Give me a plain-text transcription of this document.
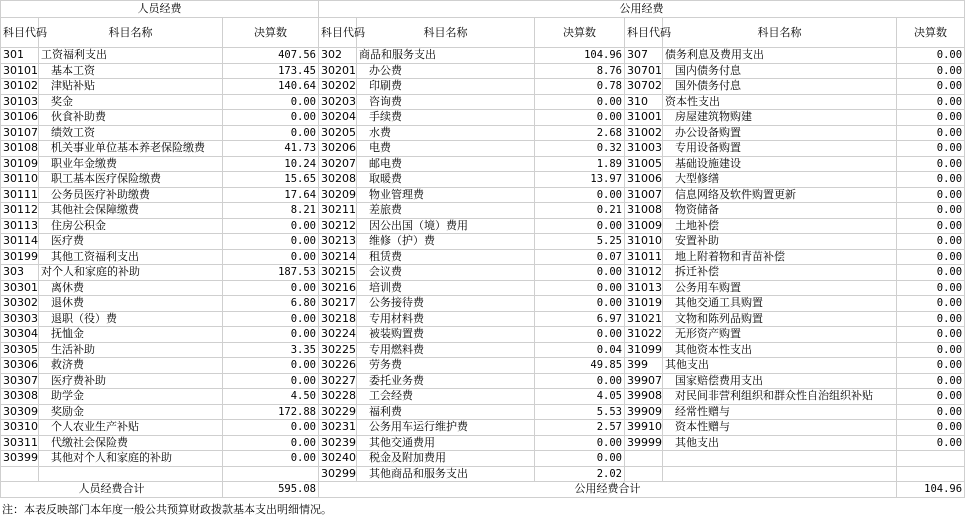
人员经费			公用经费					
科目代码	科目名称	决算数	科目代码	科目名称	决算数	科目代码	科目名称	决算数
301	工资福利支出	407.56	302	商品和服务支出	104.96	307	债务利息及费用支出	0.00
30101	基本工资	173.45	30201	办公费	8.76	30701	国内债务付息	0.00
30102	津贴补贴	140.64	30202	印刷费	0.78	30702	国外债务付息	0.00
30103	奖金	0.00	30203	咨询费	0.00	310	资本性支出	0.00
30106	伙食补助费	0.00	30204	手续费	0.00	31001	房屋建筑物购建	0.00
30107	绩效工资	0.00	30205	水费	2.68	31002	办公设备购置	0.00
30108	机关事业单位基本养老保险缴费	41.73	30206	电费	0.32	31003	专用设备购置	0.00
30109	职业年金缴费	10.24	30207	邮电费	1.89	31005	基础设施建设	0.00
30110	职工基本医疗保险缴费	15.65	30208	取暖费	13.97	31006	大型修缮	0.00
30111	公务员医疗补助缴费	17.64	30209	物业管理费	0.00	31007	信息网络及软件购置更新	0.00
30112	其他社会保障缴费	8.21	30211	差旅费	0.21	31008	物资储备	0.00
30113	住房公积金	0.00	30212	因公出国（境）费用	0.00	31009	土地补偿	0.00
30114	医疗费	0.00	30213	维修（护）费	5.25	31010	安置补助	0.00
30199	其他工资福利支出	0.00	30214	租赁费	0.07	31011	地上附着物和青苗补偿	0.00
303	对个人和家庭的补助	187.53	30215	会议费	0.00	31012	拆迁补偿	0.00
30301	离休费	0.00	30216	培训费	0.00	31013	公务用车购置	0.00
30302	退休费	6.80	30217	公务接待费	0.00	31019	其他交通工具购置	0.00
30303	退职（役）费	0.00	30218	专用材料费	6.97	31021	文物和陈列品购置	0.00
30304	抚恤金	0.00	30224	被装购置费	0.00	31022	无形资产购置	0.00
30305	生活补助	3.35	30225	专用燃料费	0.04	31099	其他资本性支出	0.00
30306	救济费	0.00	30226	劳务费	49.85	399	其他支出	0.00
30307	医疗费补助	0.00	30227	委托业务费	0.00	39907	国家赔偿费用支出	0.00
30308	助学金	4.50	30228	工会经费	4.05	39908	对民间非营利组织和群众性自治组织补贴	0.00
30309	奖励金	172.88	30229	福利费	5.53	39909	经常性赠与	0.00
30310	个人农业生产补贴	0.00	30231	公务用车运行维护费	2.57	39910	资本性赠与	0.00
30311	代缴社会保险费	0.00	30239	其他交通费用	0.00	39999	其他支出	0.00
30399	其他对个人和家庭的补助	0.00	30240	税金及附加费用	0.00			
			30299	其他商品和服务支出	2.02			
人员经费合计		595.08	公用经费合计					104.96
注：本表反映部门本年度一般公共预算财政拨款基本支出明细情况。
